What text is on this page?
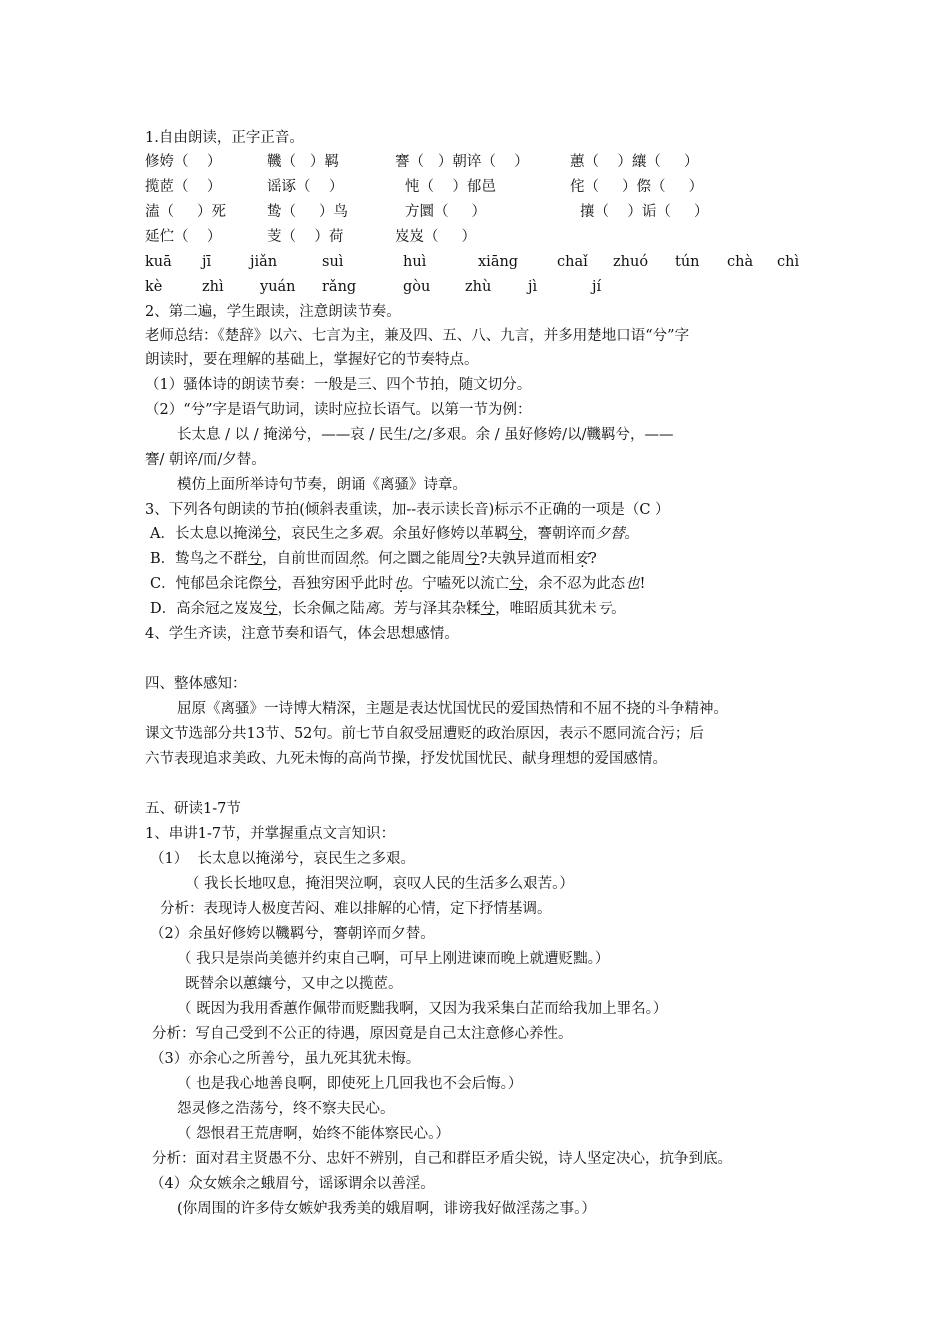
1.自由朗读，正字正音。
修姱（    ）	鞿（   ）羁	謇（   ）朝谇（    ）	蕙（    ）纕（     ）
揽茝（    ）	谣诼（    ）	忳（    ）郁邑	侘（     ）傺（     ）
溘（     ）死	鸷（     ）鸟	方圜（     ）	攘（    ）诟（     ）
延伫（    ）	芰（    ）荷	岌岌（     ）
kuā jī	jiǎn	suì	huì	xiāng	chaǐ zhuó tún chà chì
kè	zhì	yuán rǎng	gòu zhù	jì	jí
2、第二遍，学生跟读，注意朗读节奏。
老师总结：《楚辞》以六、七言为主，兼及四、五、八、九言，并多用楚地口语“兮”字
朗读时，要在理解的基础上，掌握好它的节奏特点。
（1）骚体诗的朗读节奏：一般是三、四个节拍，随文切分。
（2）“兮”字是语气助词，读时应拉长语气。以第一节为例：
长太息 / 以 / 掩涕兮，——哀 / 民生/之/多艰。余 / 虽好修姱/以/鞿羁兮，——
謇/ 朝谇/而/夕替。
模仿上面所举诗句节奏，朗诵《离骚》诗章。
3、下列各句朗读的节拍(倾斜表重读，加--表示读长音)标示不正确的一项是（C ）
A．长太息以掩涕兮，哀民生之多艰。余虽好修姱以革羁兮，謇朝谇而夕替。
B．鸷鸟之不群兮，自前世而固然。何之圜之能周兮?夫孰异道而相安?
C．忳郁邑余诧傺兮，吾独穷困乎此时也。宁嗑死以流亡兮，余不忍为此态也!
D．高余冠之岌岌兮，长余佩之陆离。芳与泽其杂糅兮，唯昭质其犹未亏。
4、学生齐读，注意节奏和语气，体会思想感情。
四、整体感知：
屈原《离骚》一诗博大精深，主题是表达忧国忧民的爱国热情和不屈不挠的斗争精神。
课文节选部分共13节、52句。前七节自叙受屈遭贬的政治原因，表示不愿同流合污；后
六节表现追求美政、九死未悔的高尚节操，抒发忧国忧民、献身理想的爱国感情。
五、研读1-7节
1、串讲1-7节，并掌握重点文言知识：
（1）  长太息以掩涕兮，哀民生之多艰。
（ 我长长地叹息，掩泪哭泣啊，哀叹人民的生活多么艰苦。）
分析：表现诗人极度苦闷、难以排解的心情，定下抒情基调。
（2）余虽好修姱以鞿羁兮，謇朝谇而夕替。
（ 我只是崇尚美德并约束自己啊，可早上刚进谏而晚上就遭贬黜。）
既替余以蕙纕兮，又申之以揽茝。
（ 既因为我用香蕙作佩带而贬黜我啊，又因为我采集白芷而给我加上罪名。）
分析：写自己受到不公正的待遇，原因竟是自己太注意修心养性。
（3）亦余心之所善兮，虽九死其犹未悔。
（ 也是我心地善良啊，即使死上几回我也不会后悔。）
怨灵修之浩荡兮，终不察夫民心。
（ 怨恨君王荒唐啊，始终不能体察民心。）
分析：面对君主贤愚不分、忠奸不辨别，自己和群臣矛盾尖锐，诗人坚定决心，抗争到底。
（4）众女嫉余之蛾眉兮，谣诼谓余以善淫。
(你周围的许多侍女嫉妒我秀美的娥眉啊，诽谤我好做淫荡之事。）
